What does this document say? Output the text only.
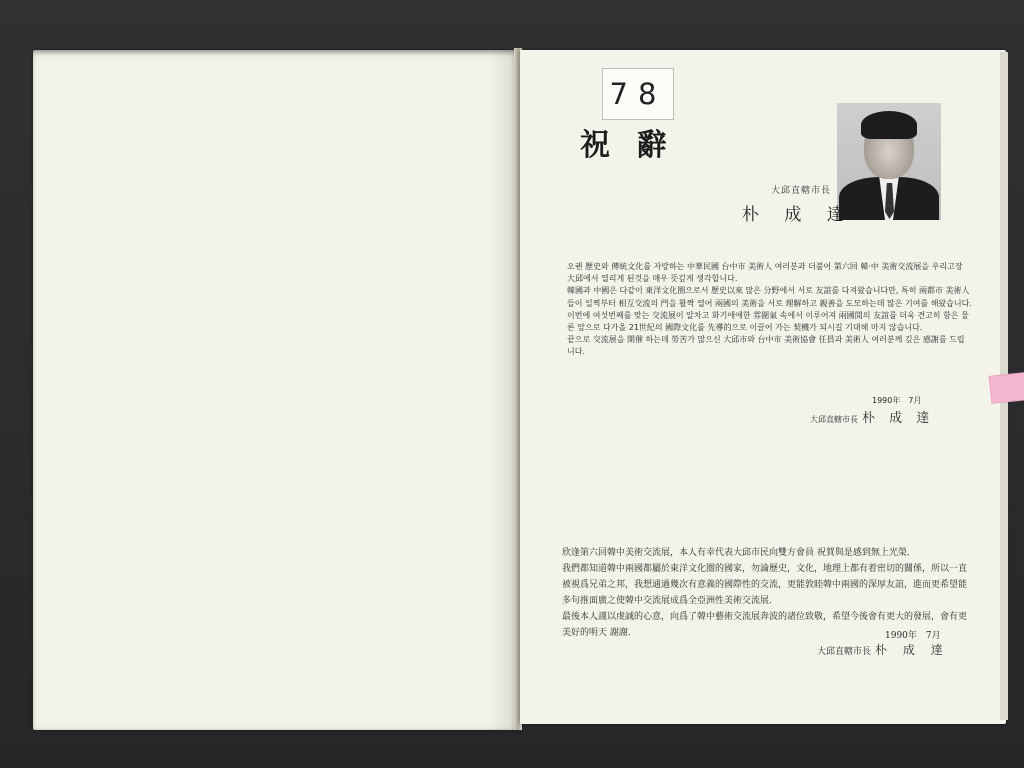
78
祝 辭
大邱直轄市長
朴 成 達

오랜 歷史와 傳統文化를 자랑하는 中華民國 台中市 美術人 여러분과 더불어 第六回 韓·中 美術交流展을 우리고장 大邱에서 열리게 된것을 매우 뜻깊게 생각합니다.

韓國과 中國은 다같이 東洋文化圈으로서 歷史以來 많은 分野에서 서로 友誼를 다져왔습니다만, 특히 兩都市 美術人들이 일찍부터 相互交流의 門을 활짝 열어 兩國의 美術을 서로 理解하고 親善을 도모하는데 많은 기여를 해왔습니다.

이번에 여섯번째를 맞는 交流展이 알차고 화기애애한 雰圍氣 속에서 이루어져 兩國間의 友誼를 더욱 견고히 함은 물론 앞으로 다가올 21世紀의 國際文化를 先導的으로 이끌어 가는 契機가 되시길 기대해 마지 않습니다.

끝으로 交流展을 開催 하는데 勞苦가 많으신 大邱市와 台中市 美術協會 任員과 美術人 여러분께 깊은 感謝를 드립니다.

1990年　7月
大邱直轄市長 朴 成 達

欣逢第六回韓中美術交流展，本人有幸代表大邱市民向雙方會員 祝賀與是感到無上光榮．

我們都知道韓中兩國都屬於東洋文化圈的國家，勿論歷史，文化，地理上都有着密切的關係，所以一直被視爲兄弟之邦，我想通過幾次有意義的國際性的交流，更能敦睦韓中兩國的深厚友誼，進而更希望能多句推面廣之使韓中交流展成爲全亞洲性美術交流展．

最後本人謹以虔誠的心意，向爲了韓中藝術交流展奔波的諸位致敬，希望今後會有更大的發展，會有更美好的明天 謝謝．	1990年　7月
大邱直轄市長 朴 成 達
